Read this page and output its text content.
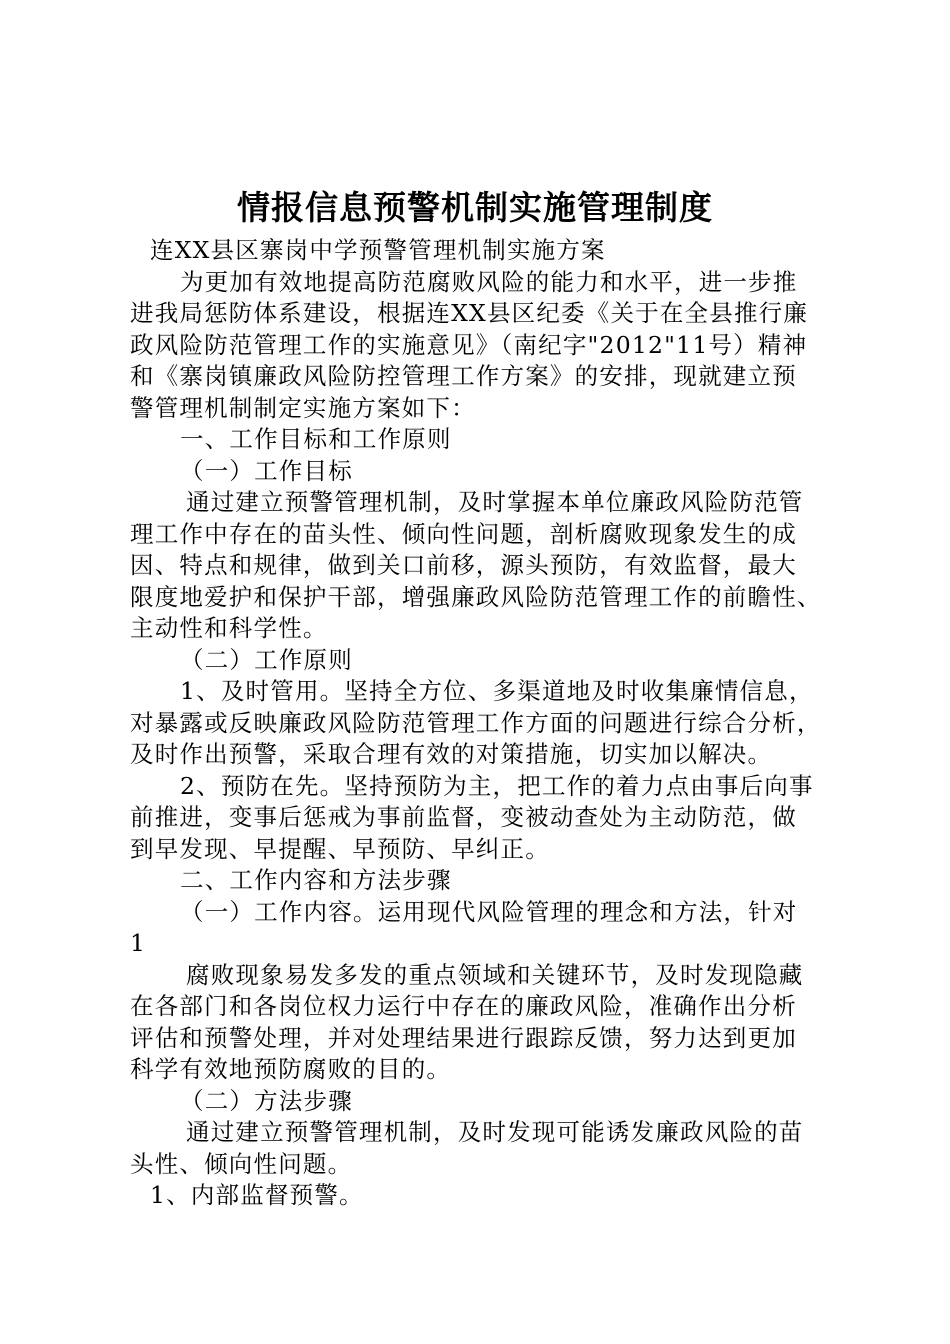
情报信息预警机制实施管理制度
连XX县区寨岗中学预警管理机制实施方案
为更加有效地提高防范腐败风险的能力和水平，进一步推
进我局惩防体系建设，根据连XX县区纪委《关于在全县推行廉
政风险防范管理工作的实施意见》（南纪字"2012"11号）精神
和《寨岗镇廉政风险防控管理工作方案》的安排，现就建立预
警管理机制制定实施方案如下：
一、工作目标和工作原则
（一）工作目标
通过建立预警管理机制，及时掌握本单位廉政风险防范管
理工作中存在的苗头性、倾向性问题，剖析腐败现象发生的成
因、特点和规律，做到关口前移，源头预防，有效监督，最大
限度地爱护和保护干部，增强廉政风险防范管理工作的前瞻性、
主动性和科学性。
（二）工作原则
1、及时管用。坚持全方位、多渠道地及时收集廉情信息，
对暴露或反映廉政风险防范管理工作方面的问题进行综合分析，
及时作出预警，采取合理有效的对策措施，切实加以解决。
2、预防在先。坚持预防为主，把工作的着力点由事后向事
前推进，变事后惩戒为事前监督，变被动查处为主动防范，做
到早发现、早提醒、早预防、早纠正。
二、工作内容和方法步骤
（一）工作内容。运用现代风险管理的理念和方法，针对
1
腐败现象易发多发的重点领域和关键环节，及时发现隐藏
在各部门和各岗位权力运行中存在的廉政风险，准确作出分析
评估和预警处理，并对处理结果进行跟踪反馈，努力达到更加
科学有效地预防腐败的目的。
（二）方法步骤
通过建立预警管理机制，及时发现可能诱发廉政风险的苗
头性、倾向性问题。
1、内部监督预警。
